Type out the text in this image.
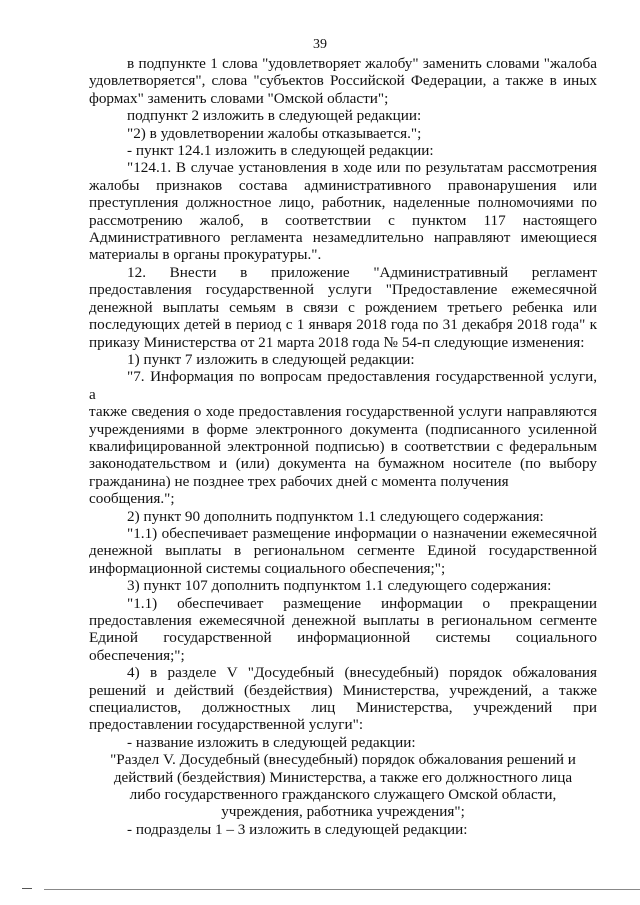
39

в подпункте 1 слова "удовлетворяет жалобу" заменить словами "жалоба

удовлетворяется", слова "субъектов Российской Федерации, а также в иных

формах" заменить словами "Омской области";

подпункт 2 изложить в следующей редакции:

"2) в удовлетворении жалобы отказывается.";

- пункт 124.1 изложить в следующей редакции:

"124.1. В случае установления в ходе или по результатам рассмотрения

жалобы признаков состава административного правонарушения или

преступления должностное лицо, работник, наделенные полномочиями по

рассмотрению жалоб, в соответствии с пунктом 117 настоящего

Административного регламента незамедлительно направляют имеющиеся

материалы в органы прокуратуры.".

12. Внести в приложение "Административный регламент

предоставления государственной услуги "Предоставление ежемесячной

денежной выплаты семьям в связи с рождением третьего ребенка или

последующих детей в период с 1 января 2018 года по 31 декабря 2018 года" к

приказу Министерства от 21 марта 2018 года № 54-п следующие изменения:

1) пункт 7 изложить в следующей редакции:

"7. Информация по вопросам предоставления государственной услуги, а

также сведения о ходе предоставления государственной услуги направляются

учреждениями в форме электронного документа (подписанного усиленной

квалифицированной электронной подписью) в соответствии с федеральным

законодательством и (или) документа на бумажном носителе (по выбору

гражданина) не позднее трех рабочих дней с момента получения сообщения.";

2) пункт 90 дополнить подпунктом 1.1 следующего содержания:

"1.1) обеспечивает размещение информации о назначении ежемесячной

денежной выплаты в региональном сегменте Единой государственной

информационной системы социального обеспечения;";

3) пункт 107 дополнить подпунктом 1.1 следующего содержания:

"1.1) обеспечивает размещение информации о прекращении

предоставления ежемесячной денежной выплаты в региональном сегменте

Единой государственной информационной системы социального

обеспечения;";

4) в разделе V "Досудебный (внесудебный) порядок обжалования

решений и действий (бездействия) Министерства, учреждений, а также

специалистов, должностных лиц Министерства, учреждений при

предоставлении государственной услуги":

- название изложить в следующей редакции:

"Раздел V. Досудебный (внесудебный) порядок обжалования решений и

действий (бездействия) Министерства, а также его должностного лица

либо государственного гражданского служащего Омской области,

учреждения, работника учреждения";

- подразделы 1 – 3 изложить в следующей редакции:
